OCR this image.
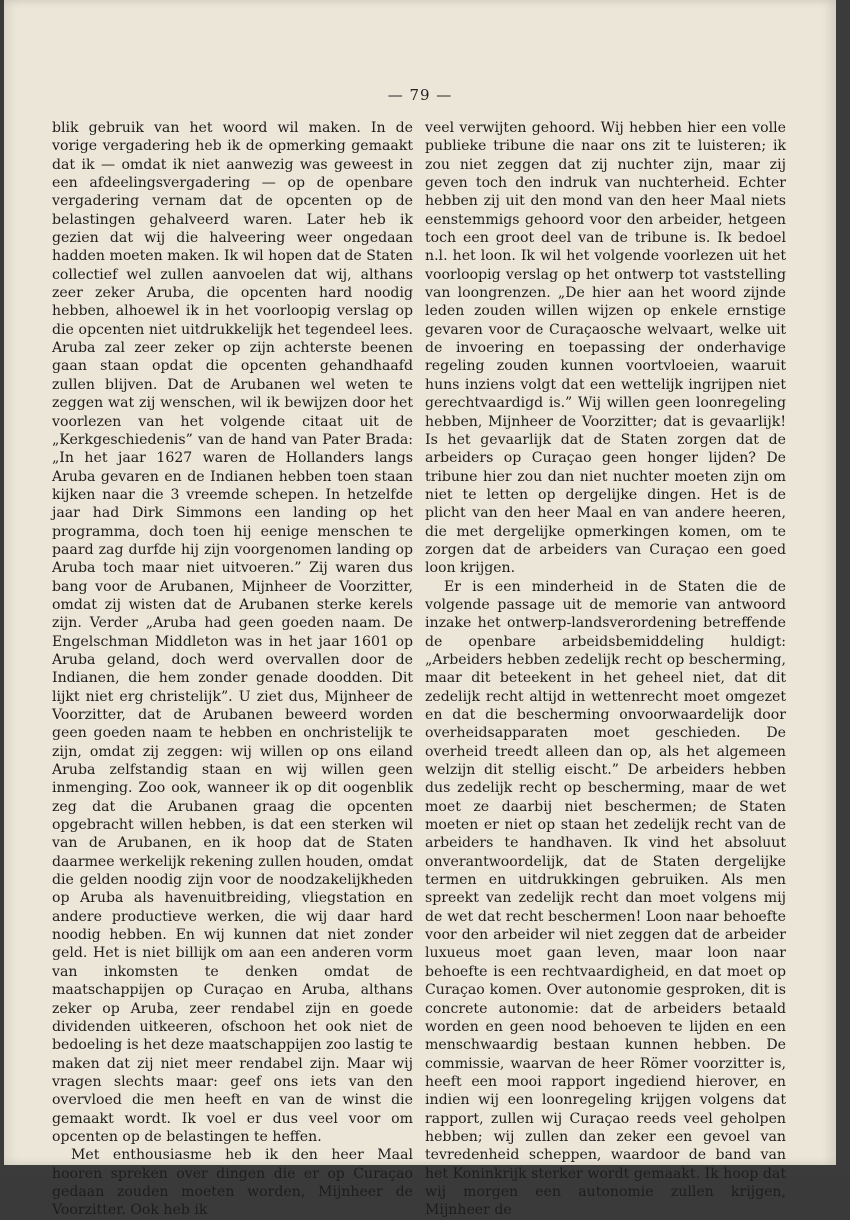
— 79 —

blik gebruik van het woord wil maken. In de vorige vergadering heb ik de opmerking gemaakt dat ik — omdat ik niet aanwezig was geweest in een afdeelingsvergadering — op de openbare vergadering vernam dat de opcenten op de belastingen gehalveerd waren. Later heb ik gezien dat wij die halveering weer ongedaan hadden moeten maken. Ik wil hopen dat de Staten collectief wel zullen aanvoelen dat wij, althans zeer zeker Aruba, die opcenten hard noodig hebben, alhoewel ik in het voorloopig verslag op die opcenten niet uitdrukkelijk het tegendeel lees. Aruba zal zeer zeker op zijn achterste beenen gaan staan opdat die opcenten gehandhaafd zullen blijven. Dat de Arubanen wel weten te zeggen wat zij wenschen, wil ik bewijzen door het voorlezen van het volgende citaat uit de „Kerkgeschiedenis” van de hand van Pater Brada: „In het jaar 1627 waren de Hollanders langs Aruba gevaren en de Indianen hebben toen staan kijken naar die 3 vreemde schepen. In hetzelfde jaar had Dirk Simmons een landing op het programma, doch toen hij eenige menschen te paard zag durfde hij zijn voorgenomen landing op Aruba toch maar niet uitvoeren.” Zij waren dus bang voor de Arubanen, Mijnheer de Voorzitter, omdat zij wisten dat de Arubanen sterke kerels zijn. Verder „Aruba had geen goeden naam. De Engelschman Middleton was in het jaar 1601 op Aruba geland, doch werd overvallen door de Indianen, die hem zonder genade doodden. Dit lijkt niet erg christelijk”. U ziet dus, Mijnheer de Voorzitter, dat de Arubanen beweerd worden geen goeden naam te hebben en onchristelijk te zijn, omdat zij zeggen: wij willen op ons eiland Aruba zelfstandig staan en wij willen geen inmenging. Zoo ook, wanneer ik op dit oogenblik zeg dat die Arubanen graag die opcenten opgebracht willen hebben, is dat een sterken wil van de Arubanen, en ik hoop dat de Staten daarmee werkelijk rekening zullen houden, omdat die gelden noodig zijn voor de noodzakelijkheden op Aruba als havenuitbreiding, vliegstation en andere productieve werken, die wij daar hard noodig hebben. En wij kunnen dat niet zonder geld. Het is niet billijk om aan een anderen vorm van inkomsten te denken omdat de maatschappijen op Curaçao en Aruba, althans zeker op Aruba, zeer rendabel zijn en goede dividenden uitkeeren, ofschoon het ook niet de bedoeling is het deze maatschappijen zoo lastig te maken dat zij niet meer rendabel zijn. Maar wij vragen slechts maar: geef ons iets van den overvloed die men heeft en van de winst die gemaakt wordt. Ik voel er dus veel voor om opcenten op de belastingen te heffen.

Met enthousiasme heb ik den heer Maal hooren spreken over dingen die er op Curaçao gedaan zouden moeten worden, Mijnheer de Voorzitter. Ook heb ik

veel verwijten gehoord. Wij hebben hier een volle publieke tribune die naar ons zit te luisteren; ik zou niet zeggen dat zij nuchter zijn, maar zij geven toch den indruk van nuchterheid. Echter hebben zij uit den mond van den heer Maal niets eenstemmigs gehoord voor den arbeider, hetgeen toch een groot deel van de tribune is. Ik bedoel n.l. het loon. Ik wil het volgende voorlezen uit het voorloopig verslag op het ontwerp tot vaststelling van loongrenzen. „De hier aan het woord zijnde leden zouden willen wijzen op enkele ernstige gevaren voor de Curaçaosche welvaart, welke uit de invoering en toepassing der onderhavige regeling zouden kunnen voortvloeien, waaruit huns inziens volgt dat een wettelijk ingrijpen niet gerechtvaardigd is.” Wij willen geen loonregeling hebben, Mijnheer de Voorzitter; dat is gevaarlijk! Is het gevaarlijk dat de Staten zorgen dat de arbeiders op Curaçao geen honger lijden? De tribune hier zou dan niet nuchter moeten zijn om niet te letten op dergelijke dingen. Het is de plicht van den heer Maal en van andere heeren, die met dergelijke opmerkingen komen, om te zorgen dat de arbeiders van Curaçao een goed loon krijgen.

Er is een minderheid in de Staten die de volgende passage uit de memorie van antwoord inzake het ontwerp-landsverordening betreffende de openbare arbeidsbemiddeling huldigt: „Arbeiders hebben zedelijk recht op bescherming, maar dit beteekent in het geheel niet, dat dit zedelijk recht altijd in wettenrecht moet omgezet en dat die bescherming onvoorwaardelijk door overheidsapparaten moet geschieden. De overheid treedt alleen dan op, als het algemeen welzijn dit stellig eischt.” De arbeiders hebben dus zedelijk recht op bescherming, maar de wet moet ze daarbij niet beschermen; de Staten moeten er niet op staan het zedelijk recht van de arbeiders te handhaven. Ik vind het absoluut onverantwoordelijk, dat de Staten dergelijke termen en uitdrukkingen gebruiken. Als men spreekt van zedelijk recht dan moet volgens mij de wet dat recht beschermen! Loon naar behoefte voor den arbeider wil niet zeggen dat de arbeider luxueus moet gaan leven, maar loon naar behoefte is een rechtvaardigheid, en dat moet op Curaçao komen. Over autonomie gesproken, dit is concrete autonomie: dat de arbeiders betaald worden en geen nood behoeven te lijden en een menschwaardig bestaan kunnen hebben. De commissie, waarvan de heer Römer voorzitter is, heeft een mooi rapport ingediend hierover, en indien wij een loonregeling krijgen volgens dat rapport, zullen wij Curaçao reeds veel geholpen hebben; wij zullen dan zeker een gevoel van tevredenheid scheppen, waardoor de band van het Koninkrijk sterker wordt gemaakt. Ik hoop dat wij morgen een autonomie zullen krijgen, Mijnheer de
